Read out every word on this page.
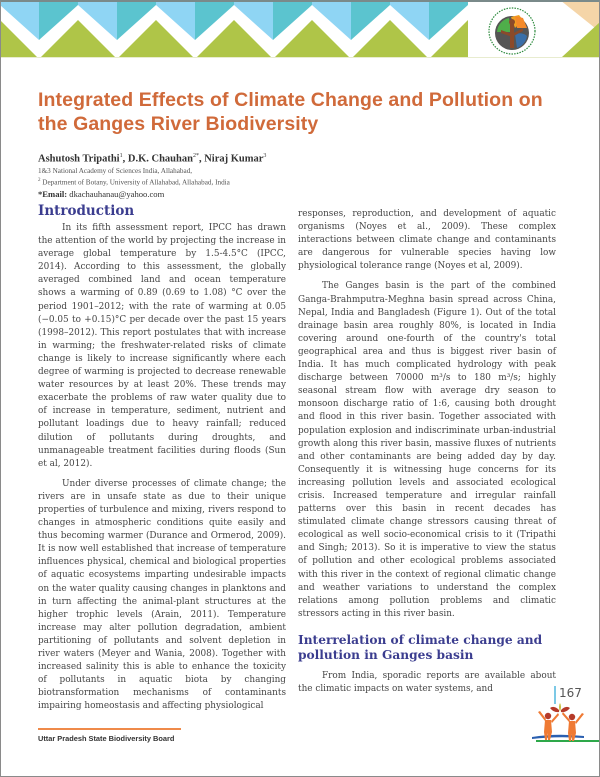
Integrated Effects of Climate Change and Pollution on the Ganges River Biodiversity
Ashutosh Tripathi$^1$, D.K. Chauhan$^{2*}$, Niraj Kumar$^3$
1&3 National Academy of Sciences India, Allahabad,
$^2$ Department of Botany, University of Allahabad, Allahabad, India
*Email: dkachauhanau@yahoo.com
Introduction

In its fifth assessment report, IPCC has drawn the attention of the world by projecting the increase in average global temperature by 1.5-4.5°C (IPCC, 2014). According to this assessment, the globally averaged combined land and ocean temperature shows a warming of 0.89 (0.69 to 1.08) °C over the period 1901–2012; with the rate of warming at 0.05 (−0.05 to +0.15)°C per decade over the past 15 years (1998–2012). This report postulates that with increase in warming; the freshwater-related risks of climate change is likely to increase significantly where each degree of warming is projected to decrease renewable water resources by at least 20%. These trends may exacerbate the problems of raw water quality due to of increase in temperature, sediment, nutrient and pollutant loadings due to heavy rainfall; reduced dilution of pollutants during droughts, and unmanageable treatment facilities during floods (Sun et al, 2012).

Under diverse processes of climate change; the rivers are in unsafe state as due to their unique properties of turbulence and mixing, rivers respond to changes in atmospheric conditions quite easily and thus becoming warmer (Durance and Ormerod, 2009). It is now well established that increase of temperature influences physical, chemical and biological properties of aquatic ecosystems imparting undesirable impacts on the water quality causing changes in planktons and in turn affecting the animal-plant structures at the higher trophic levels (Arain, 2011). Temperature increase may alter pollution degradation, ambient partitioning of pollutants and solvent depletion in river waters (Meyer and Wania, 2008). Together with increased salinity this is able to enhance the toxicity of pollutants in aquatic biota by changing biotransformation mechanisms of contaminants impairing homeostasis and affecting physiological

responses, reproduction, and development of aquatic organisms (Noyes et al., 2009). These complex interactions between climate change and contaminants are dangerous for vulnerable species having low physiological tolerance range (Noyes et al, 2009).

The Ganges basin is the part of the combined Ganga-Brahmputra-Meghna basin spread across China, Nepal, India and Bangladesh (Figure 1). Out of the total drainage basin area roughly 80%, is located in India covering around one-fourth of the country's total geographical area and thus is biggest river basin of India. It has much complicated hydrology with peak discharge between 70000 m³/s to 180 m³/s; highly seasonal stream flow with average dry season to monsoon discharge ratio of 1:6, causing both drought and flood in this river basin. Together associated with population explosion and indiscriminate urban-industrial growth along this river basin, massive fluxes of nutrients and other contaminants are being added day by day. Consequently it is witnessing huge concerns for its increasing pollution levels and associated ecological crisis. Increased temperature and irregular rainfall patterns over this basin in recent decades has stimulated climate change stressors causing threat of ecological as well socio-economical crisis to it (Tripathi and Singh; 2013). So it is imperative to view the status of pollution and other ecological problems associated with this river in the context of regional climatic change and weather variations to understand the complex relations among pollution problems and climatic stressors acting in this river basin.

Interrelation of climate change and pollution in Ganges basin

From India, sporadic reports are available about the climatic impacts on water systems, and

Uttar Pradesh State Biodiversity Board
167
